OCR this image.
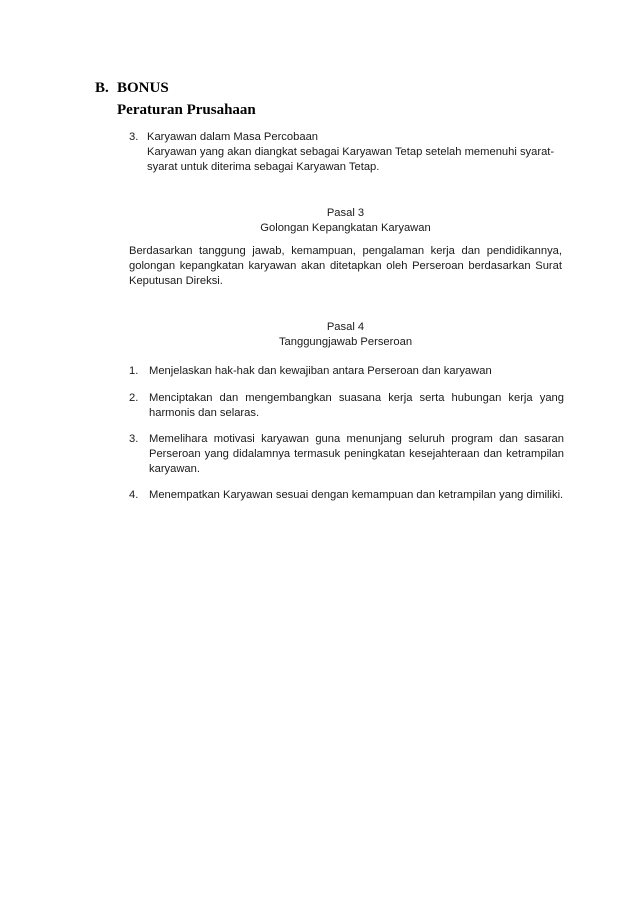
B. BONUS
Peraturan Prusahaan
3. Karyawan dalam Masa Percobaan
Karyawan yang akan diangkat sebagai Karyawan Tetap setelah memenuhi syarat-syarat untuk diterima sebagai Karyawan Tetap.
Pasal 3
Golongan Kepangkatan Karyawan
Berdasarkan tanggung jawab, kemampuan, pengalaman kerja dan pendidikannya, golongan kepangkatan karyawan akan ditetapkan oleh Perseroan berdasarkan Surat Keputusan Direksi.
Pasal 4
Tanggungjawab Perseroan
1. Menjelaskan hak-hak dan kewajiban antara Perseroan dan karyawan
2. Menciptakan dan mengembangkan suasana kerja serta hubungan kerja yang harmonis dan selaras.
3. Memelihara motivasi karyawan guna menunjang seluruh program dan sasaran Perseroan yang didalamnya termasuk peningkatan kesejahteraan dan ketrampilan karyawan.
4. Menempatkan Karyawan sesuai dengan kemampuan dan ketrampilan yang dimiliki.
